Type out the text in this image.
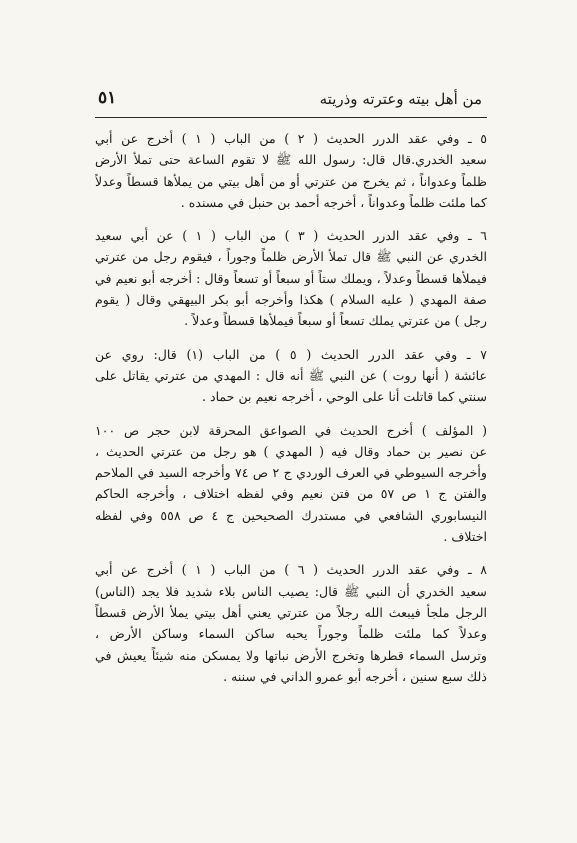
من أهل بيته وعترته وذريته
٥١
٥ ـ وفي عقد الدرر الحديث ( ٢ ) من الباب ( ١ ) أخرج عن أبي
سعيد الخدري.قال قال: رسول الله ﷺ لا تقوم الساعة حتى تملأ الأرض
ظلماً وعدواناً ، ثم يخرج من عترتي أو من أهل بيتي من يملأها قسطاً وعدلاً
كما ملئت ظلماً وعدواناً ، أخرجه أحمد بن حنبل في مسنده .
٦ ـ وفي عقد الدرر الحديث ( ٣ ) من الباب ( ١ ) عن أبي سعيد
الخدري عن النبي ﷺ قال تملأ الأرض ظلماً وجوراً ، فيقوم رجل من عترتي
فيملأها قسطاً وعدلاً ، ويملك ستاً أو سبعاً أو تسعاً وقال : أخرجه أبو نعيم في
صفة المهدي ( عليه السلام ) هكذا وأخرجه أبو بكر البيهقي وقال ( يقوم
رجل ) من عترتي يملك تسعاً أو سبعاً فيملأها قسطاً وعدلاً .
٧ ـ وفي عقد الدرر الحديث ( ٥ ) من الباب (١) قال: روي عن
عائشة ( أنها روت ) عن النبي ﷺ أنه قال : المهدي من عترتي يقاتل على
سنتي كما قاتلت أنا على الوحي ، أخرجه نعيم بن حماد .
( المؤلف ) أخرج الحديث في الصواعق المحرقة لابن حجر ص ١٠٠
عن نصير بن حماد وقال فيه ( المهدي ) هو رجل من عترتي الحديث ،
وأخرجه السيوطي في العرف الوردي ج ٢ ص ٧٤ وأخرجه السيد في الملاحم
والفتن ج ١ ص ٥٧ من فتن نعيم وفي لفظه اختلاف ، وأخرجه الحاكم
النيسابوري الشافعي في مستدرك الصحيحين ج ٤ ص ٥٥٨ وفي لفظه
اختلاف .
٨ ـ وفي عقد الدرر الحديث ( ٦ ) من الباب ( ١ ) أخرج عن أبي
سعيد الخدري أن النبي ﷺ قال: يصيب الناس بلاء شديد فلا يجد (الناس)
الرجل ملجأ فيبعث الله رجلاً من عترتي يعني أهل بيتي يملأ الأرض قسطاً
وعدلاً كما ملئت ظلماً وجوراً يحبه ساكن السماء وساكن الأرض ،
وترسل السماء قطرها وتخرج الأرض نباتها ولا يمسكن منه شيئاً يعيش في
ذلك سبع سنين ، أخرجه أبو عمرو الداني في سننه .
